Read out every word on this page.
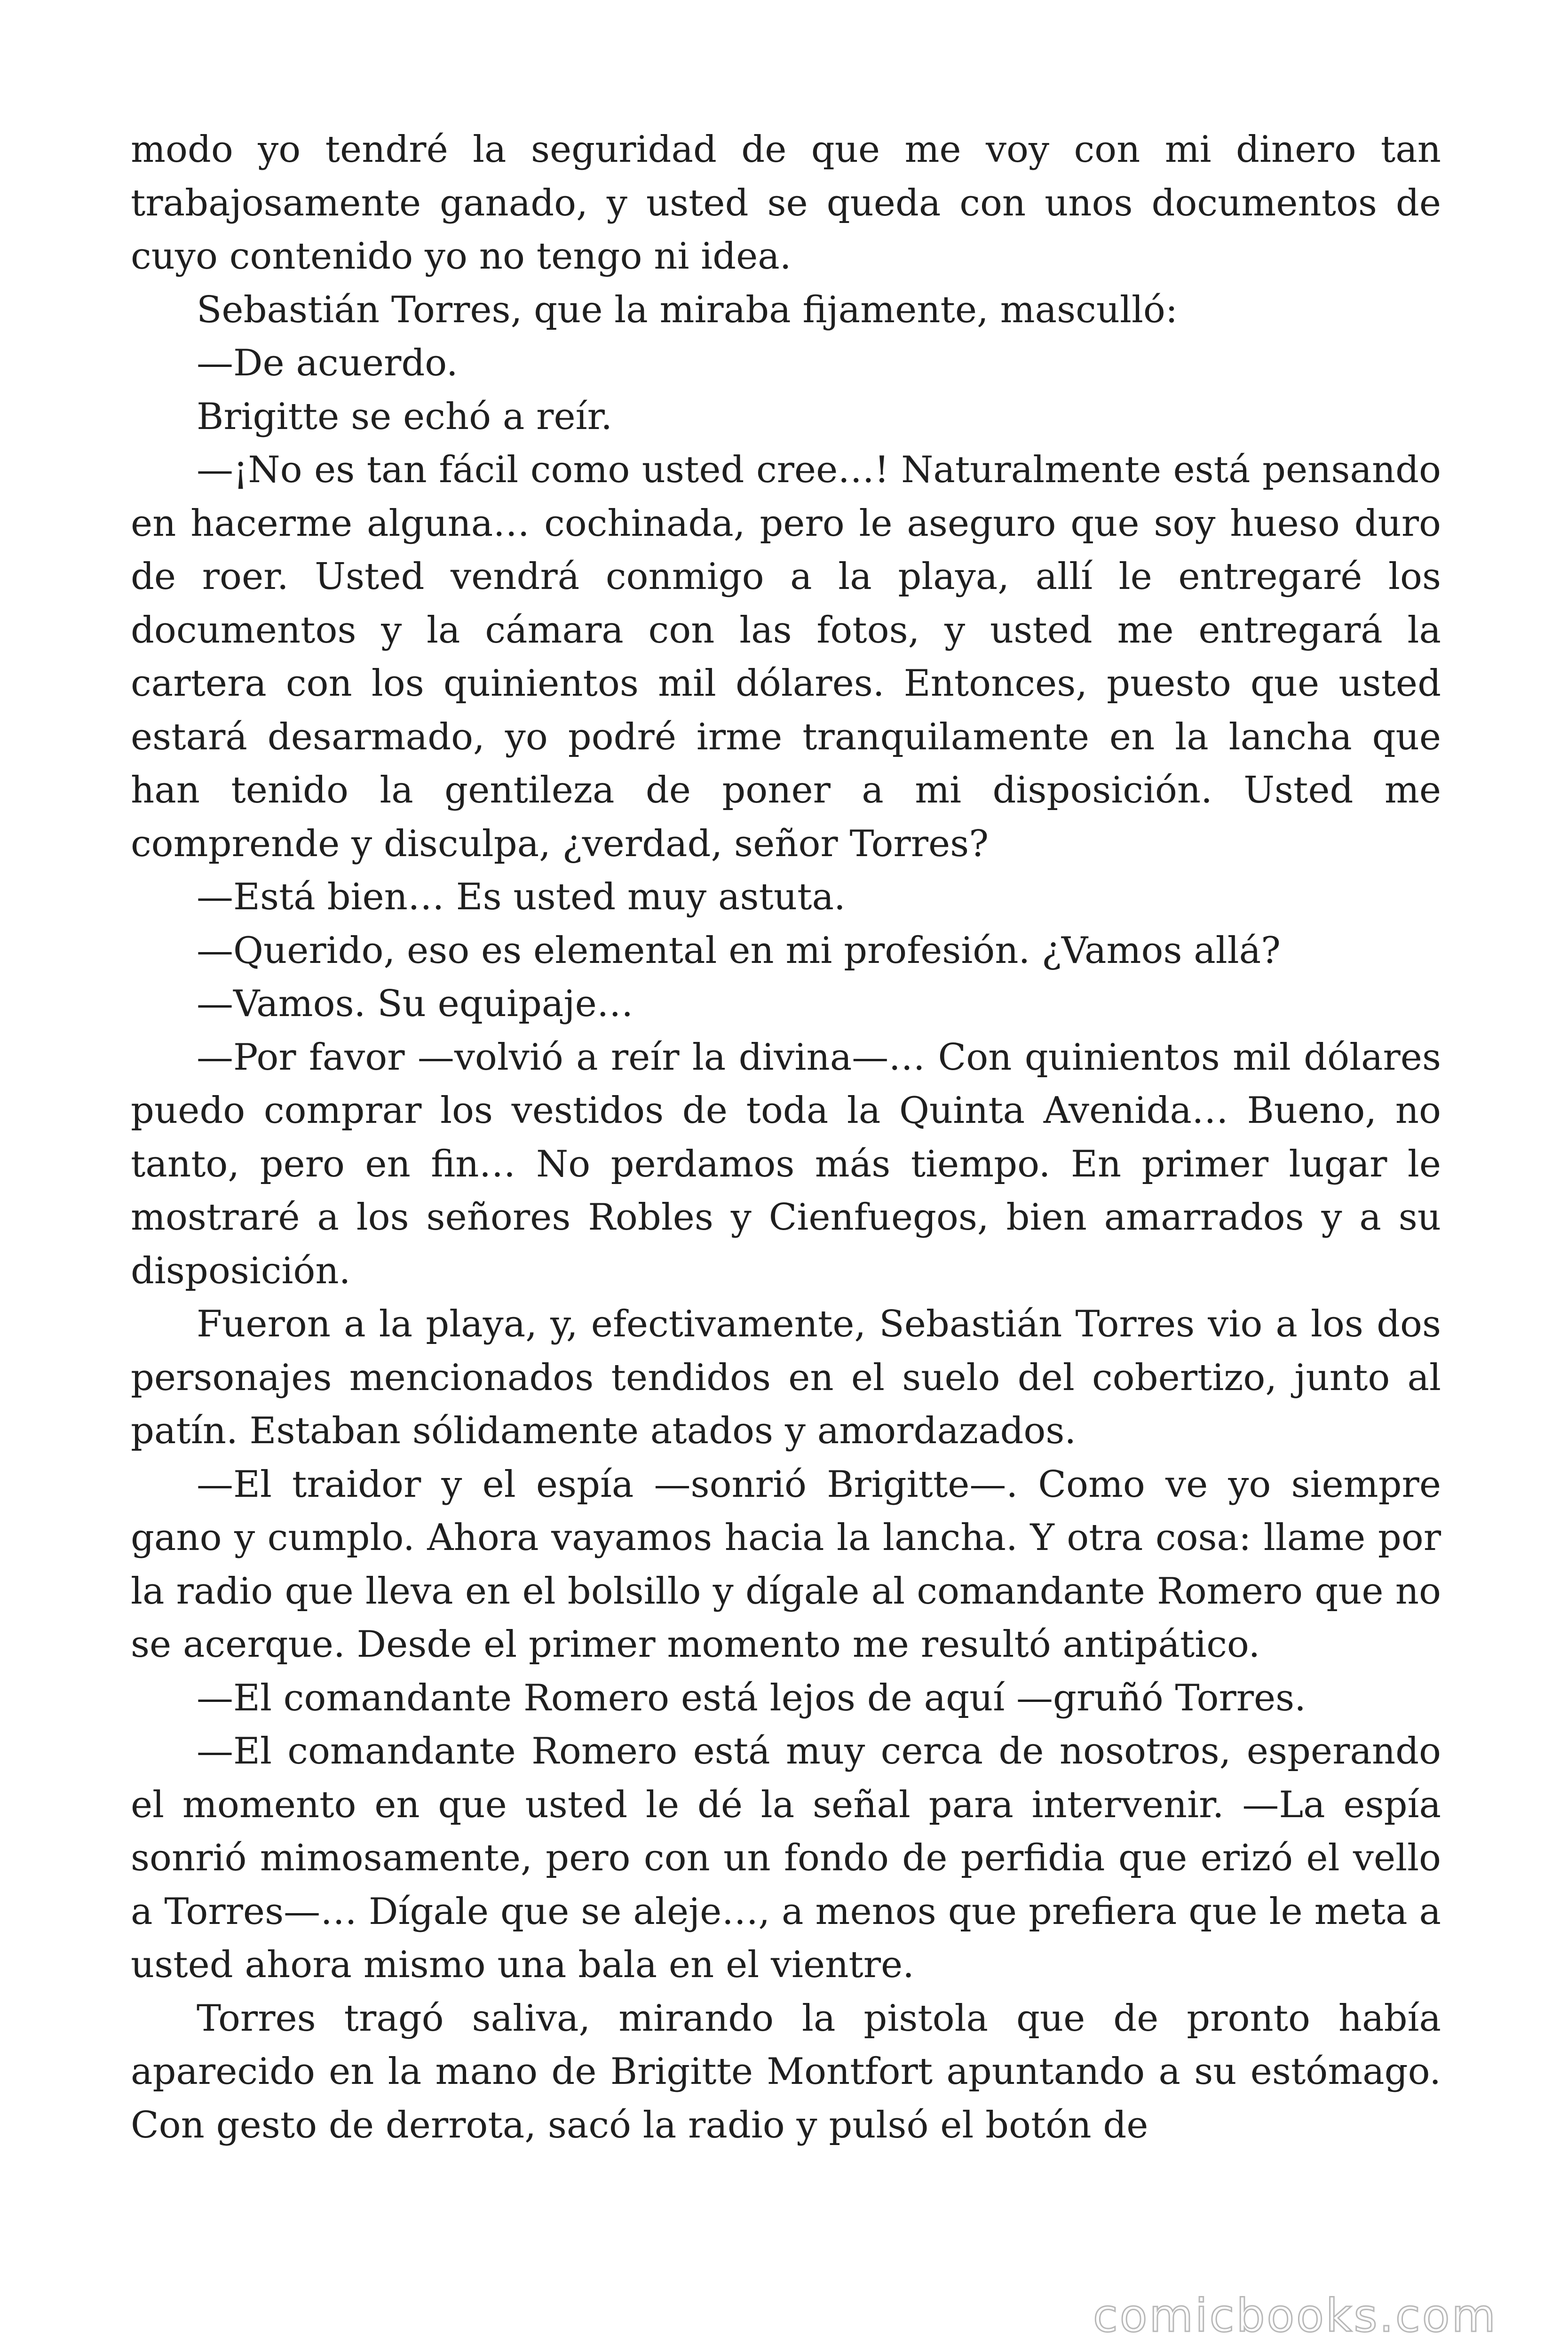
modo yo tendré la seguridad de que me voy con mi dinero tan trabajosamente ganado, y usted se queda con unos documentos de cuyo contenido yo no tengo ni idea.

Sebastián Torres, que la miraba fijamente, masculló:

—De acuerdo.

Brigitte se echó a reír.

—¡No es tan fácil como usted cree…! Naturalmente está pensando en hacerme alguna… cochinada, pero le aseguro que soy hueso duro de roer. Usted vendrá conmigo a la playa, allí le entregaré los documentos y la cámara con las fotos, y usted me entregará la cartera con los quinientos mil dólares. Entonces, puesto que usted estará desarmado, yo podré irme tranquilamente en la lancha que han tenido la gentileza de poner a mi disposición. Usted me comprende y disculpa, ¿verdad, señor Torres?

—Está bien… Es usted muy astuta.

—Querido, eso es elemental en mi profesión. ¿Vamos allá?

—Vamos. Su equipaje…

—Por favor —volvió a reír la divina—… Con quinientos mil dólares puedo comprar los vestidos de toda la Quinta Avenida… Bueno, no tanto, pero en fin… No perdamos más tiempo. En primer lugar le mostraré a los señores Robles y Cienfuegos, bien amarrados y a su disposición.

Fueron a la playa, y, efectivamente, Sebastián Torres vio a los dos personajes mencionados tendidos en el suelo del cobertizo, junto al patín. Estaban sólidamente atados y amordazados.

—El traidor y el espía —sonrió Brigitte—. Como ve yo siempre gano y cumplo. Ahora vayamos hacia la lancha. Y otra cosa: llame por la radio que lleva en el bolsillo y dígale al comandante Romero que no se acerque. Desde el primer momento me resultó antipático.

—El comandante Romero está lejos de aquí —gruñó Torres.

—El comandante Romero está muy cerca de nosotros, esperando el momento en que usted le dé la señal para intervenir. —La espía sonrió mimosamente, pero con un fondo de perfidia que erizó el vello a Torres—… Dígale que se aleje…, a menos que prefiera que le meta a usted ahora mismo una bala en el vientre.

Torres tragó saliva, mirando la pistola que de pronto había aparecido en la mano de Brigitte Montfort apuntando a su estómago. Con gesto de derrota, sacó la radio y pulsó el botón de

comicbooks.com
